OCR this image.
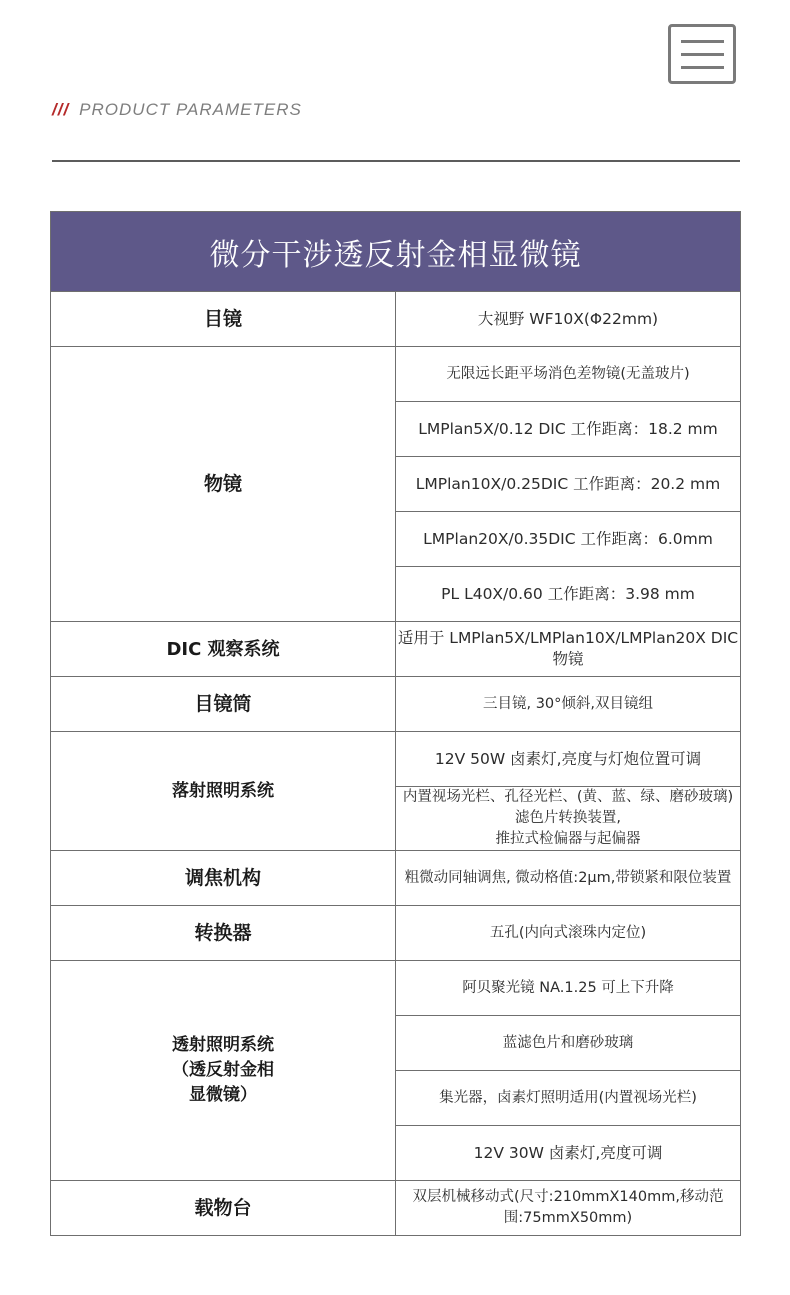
/// PRODUCT PARAMETERS
微分干涉透反射金相显微镜	
目镜	大视野 WF10X(Φ22mm)
物镜	无限远长距平场消色差物镜(无盖玻片)
	LMPlan5X/0.12 DIC 工作距离：18.2 mm
	LMPlan10X/0.25DIC 工作距离：20.2 mm
	LMPlan20X/0.35DIC 工作距离：6.0mm
	PL L40X/0.60 工作距离：3.98 mm
DIC 观察系统	适用于 LMPlan5X/LMPlan10X/LMPlan20X DIC物镜
目镜筒	三目镜, 30°倾斜,双目镜组
落射照明系统	12V 50W 卤素灯,亮度与灯炮位置可调

	内置视场光栏、孔径光栏、(黄、蓝、绿、磨砂玻璃)滤色片转换装置,
推拉式检偏器与起偏器

调焦机构	粗微动同轴调焦, 微动格值:2μm,带锁紧和限位装置
转换器	五孔(内向式滚珠内定位)

透射照明系统
（透反射金相
显微镜）	阿贝聚光镜 NA.1.25 可上下升降
	蓝滤色片和磨砂玻璃
	集光器，卤素灯照明适用(内置视场光栏)
	12V 30W 卤素灯,亮度可调
载物台	双层机械移动式(尺寸:210mmX140mm,移动范围:75mmX50mm)
